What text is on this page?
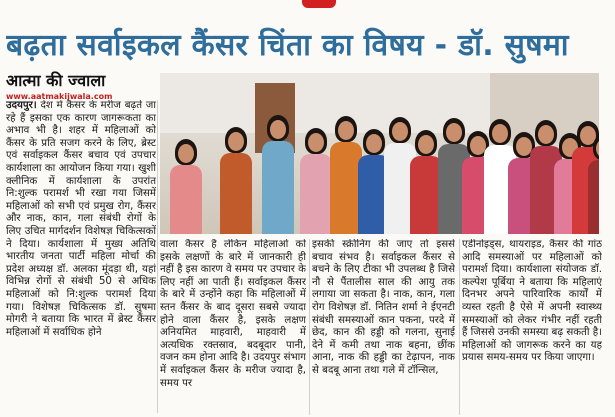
बढ़ता सर्वाइकल कैंसर चिंता का विषय - डॉ. सुषमा
आत्मा की ज्वाला
www.aatmakijwala.com
उदयपुर। देश में कैंसर के मरीज बढ़ते जा रहे हैं इसका एक कारण जागरूकता का अभाव भी है। शहर में महिलाओं को कैंसर के प्रति सजग करने के लिए, ब्रेस्ट एवं सर्वाइकल कैंसर बचाव एवं उपचार कार्यशाला का आयोजन किया गया। खुशी क्लीनिक में कार्यशाला के उपरांत नि:शुल्क परामर्श भी रखा गया जिसमें महिलाओं को सभी एवं प्रमुख रोग, कैंसर और नाक, कान, गला संबंधी रोगों के लिए उचित मार्गदर्शन विशेषज्ञ चिकित्सकों ने दिया। कार्यशाला में मुख्य अतिथि भारतीय जनता पार्टी महिला मोर्चा की प्रदेश अध्यक्ष डॉ. अलका मूंदड़ा थी, यहां विभिन्न रोगों से संबंधी 50 से अधिक महिलाओं को नि:शुल्क परामर्श दिया गया। विशेषज्ञ चिकित्सक डॉ. सुषमा मोगरी ने बताया कि भारत में ब्रेस्ट कैंसर महिलाओं में सर्वाधिक होने
वाला कैंसर है लेकिन महिलाओं को इसके लक्षणों के बारे में जानकारी ही नहीं है इस कारण वे समय पर उपचार के लिए नहीं आ पाती हैं। सर्वाइकल कैंसर के बारे में उन्होंने कहा कि महिलाओं में स्तन कैंसर के बाद दूसरा सबसे ज्यादा होने वाला कैंसर है, इसके लक्षण अनियमित माहवारी, माहवारी में अत्यधिक रक्तस्राव, बदबूदार पानी, वजन कम होना आदि है। उदयपुर संभाग में सर्वाइकल कैंसर के मरीज ज्यादा है, समय पर
इसकी स्क्रीनिंग की जाए तो इससे बचाव संभव है। सर्वाइकल कैंसर से बचने के लिए टीका भी उपलब्ध है जिसे नौ से पैंतालीस साल की आयु तक लगाया जा सकता है। नाक, कान, गला रोग विशेषज्ञ डॉ. नितिन शर्मा ने ईएनटी संबंधी समस्याओं कान पकना, परदे में छेद, कान की हड्डी को गलना, सुनाई देने में कमी तथा नाक बहना, छींक आना, नाक की हड्डी का टेढ़ापन, नाक से बदबू आना तथा गले में टॉन्सिल,
एडीनोइड्स, थायराइड, कैंसर की गांठ आदि समस्याओं पर महिलाओं को परामर्श दिया। कार्यशाला संयोजक डॉ. कल्पेश पूर्बिया ने बताया कि महिलाएं दिनभर अपने पारिवारिक कार्यों में व्यस्त रहती है ऐसे में अपनी स्वास्थ्य समस्याओं को लेकर गंभीर नहीं रहती हैं जिससे उनकी समस्या बढ़ सकती है। महिलाओं को जागरूक करने का यह प्रयास समय-समय पर किया जाएगा।
